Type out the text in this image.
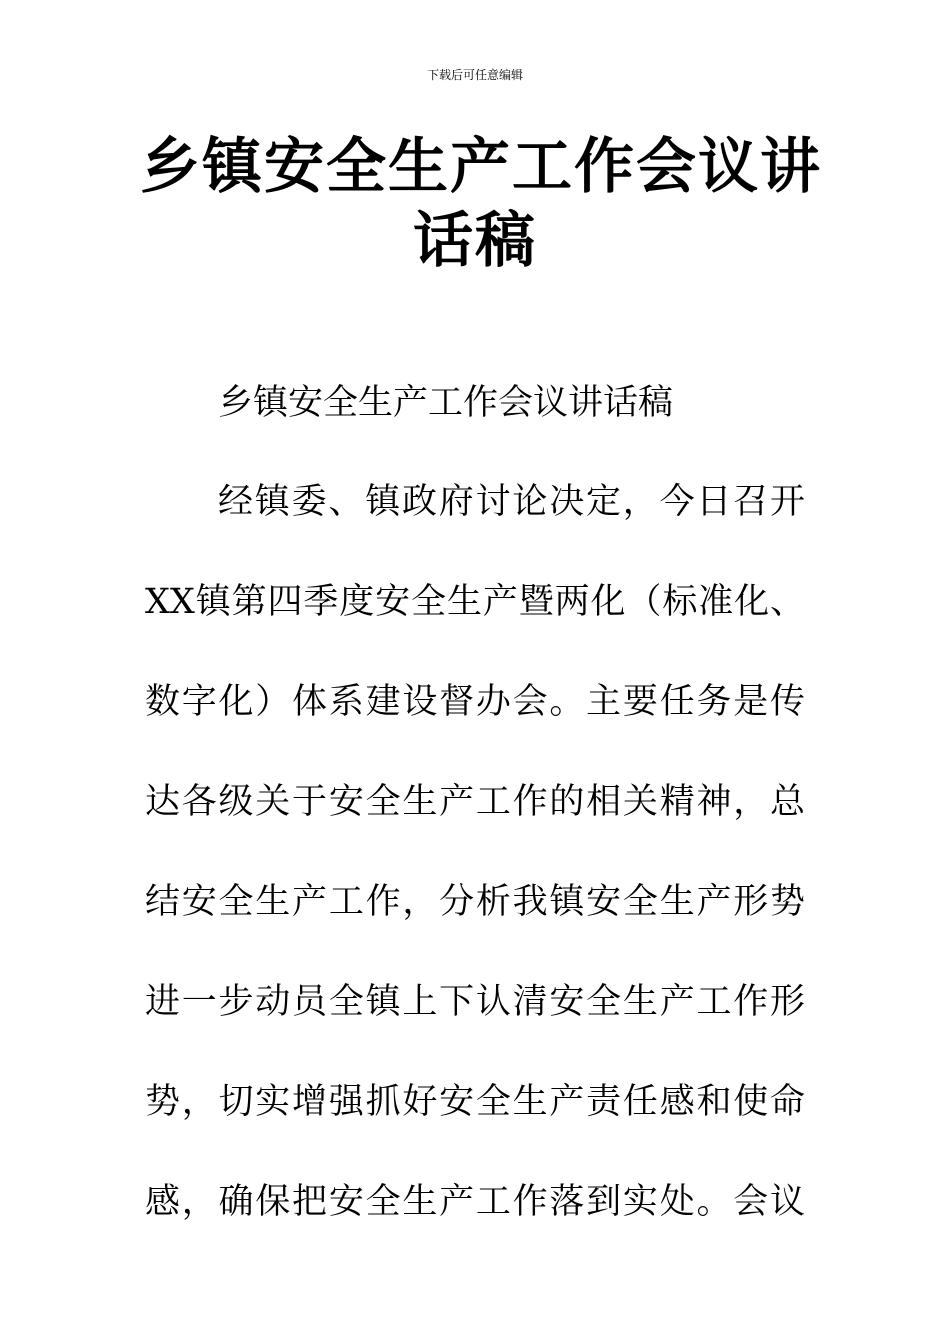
下载后可任意编辑
乡镇安全生产工作会议讲
话稿
乡镇安全生产工作会议讲话稿
经镇委、镇政府讨论决定，今日召开
XX镇第四季度安全生产暨两化（标准化、
数字化）体系建设督办会。主要任务是传
达各级关于安全生产工作的相关精神，总
结安全生产工作，分析我镇安全生产形势
进一步动员全镇上下认清安全生产工作形
势，切实增强抓好安全生产责任感和使命
感，确保把安全生产工作落到实处。会议
